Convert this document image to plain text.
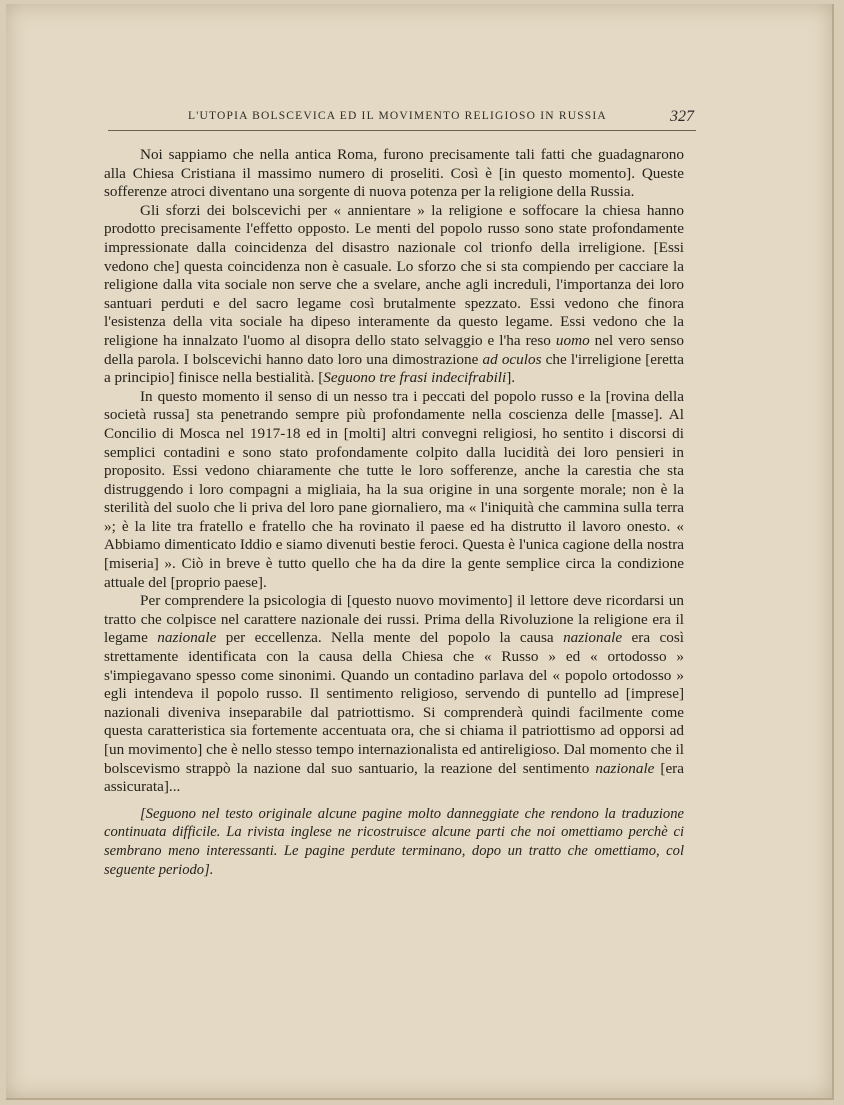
L'UTOPIA BOLSCEVICA ED IL MOVIMENTO RELIGIOSO IN RUSSIA	327

Noi sappiamo che nella antica Roma, furono precisamente tali fatti che guadagnarono alla Chiesa Cristiana il massimo numero di proseliti. Così è [in questo momento]. Queste sofferenze atroci diventano una sorgente di nuova potenza per la religione della Russia.

Gli sforzi dei bolscevichi per « annientare » la religione e soffocare la chiesa hanno prodotto precisamente l'effetto opposto. Le menti del popolo russo sono state profondamente impressionate dalla coincidenza del disastro nazionale col trionfo della irreligione. [Essi vedono che] questa coincidenza non è casuale. Lo sforzo che si sta compiendo per cacciare la religione dalla vita sociale non serve che a svelare, anche agli increduli, l'importanza dei loro santuari perduti e del sacro legame così brutalmente spezzato. Essi vedono che finora l'esistenza della vita sociale ha dipeso interamente da questo legame. Essi vedono che la religione ha innalzato l'uomo al disopra dello stato selvaggio e l'ha reso uomo nel vero senso della parola. I bolscevichi hanno dato loro una dimostrazione ad oculos che l'irreligione [eretta a principio] finisce nella bestialità. [Seguono tre frasi indecifrabili].

In questo momento il senso di un nesso tra i peccati del popolo russo e la [rovina della società russa] sta penetrando sempre più profondamente nella coscienza delle [masse]. Al Concilio di Mosca nel 1917-18 ed in [molti] altri convegni religiosi, ho sentito i discorsi di semplici contadini e sono stato profondamente colpito dalla lucidità dei loro pensieri in proposito. Essi vedono chiaramente che tutte le loro sofferenze, anche la carestia che sta distruggendo i loro compagni a migliaia, ha la sua origine in una sorgente morale; non è la sterilità del suolo che li priva del loro pane giornaliero, ma « l'iniquità che cammina sulla terra »; è la lite tra fratello e fratello che ha rovinato il paese ed ha distrutto il lavoro onesto. « Abbiamo dimenticato Iddio e siamo divenuti bestie feroci. Questa è l'unica cagione della nostra [miseria] ». Ciò in breve è tutto quello che ha da dire la gente semplice circa la condizione attuale del [proprio paese].

Per comprendere la psicologia di [questo nuovo movimento] il lettore deve ricordarsi un tratto che colpisce nel carattere nazionale dei russi. Prima della Rivoluzione la religione era il legame nazionale per eccellenza. Nella mente del popolo la causa nazionale era così strettamente identificata con la causa della Chiesa che « Russo » ed « ortodosso » s'impiegavano spesso come sinonimi. Quando un contadino parlava del « popolo ortodosso » egli intendeva il popolo russo. Il sentimento religioso, servendo di puntello ad [imprese] nazionali diveniva inseparabile dal patriottismo. Si comprenderà quindi facilmente come questa caratteristica sia fortemente accentuata ora, che si chiama il patriottismo ad opporsi ad [un movimento] che è nello stesso tempo internazionalista ed antireligioso. Dal momento che il bolscevismo strappò la nazione dal suo santuario, la reazione del sentimento nazionale [era assicurata]...

[Seguono nel testo originale alcune pagine molto danneggiate che rendono la traduzione continuata difficile. La rivista inglese ne ricostruisce alcune parti che noi omettiamo perchè ci sembrano meno interessanti. Le pagine perdute terminano, dopo un tratto che omettiamo, col seguente periodo].
